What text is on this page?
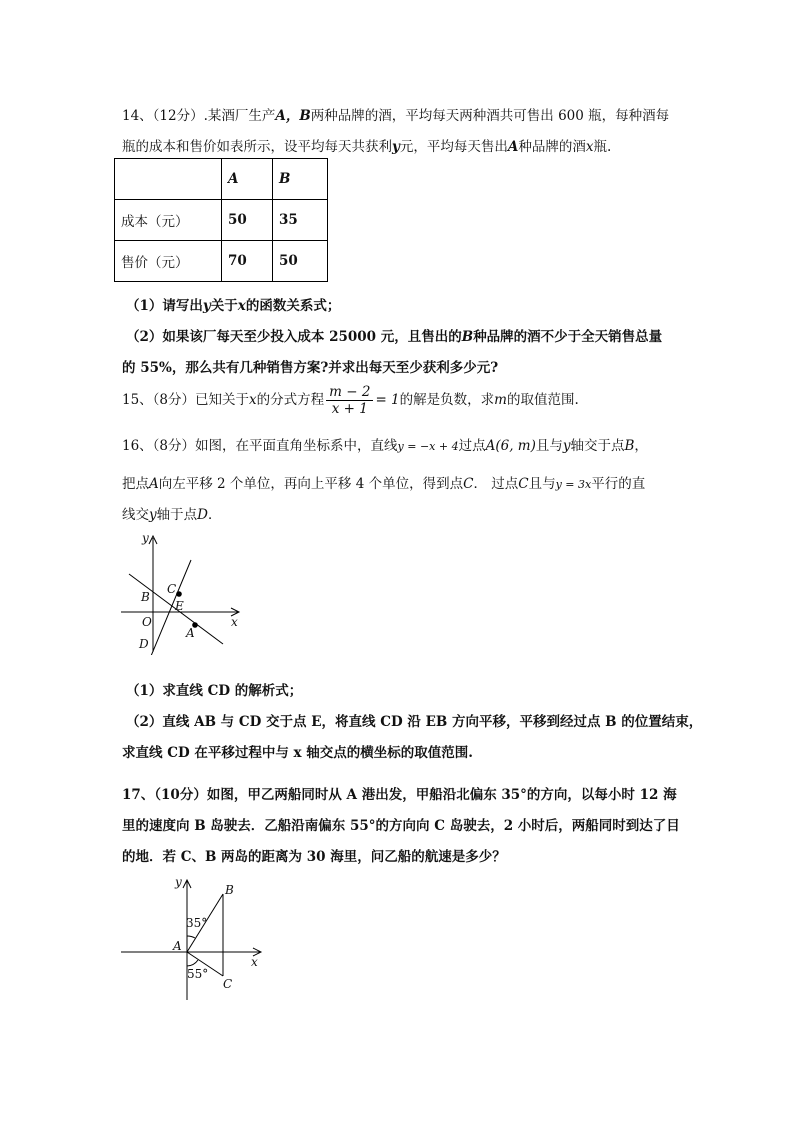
14、（12分）.某酒厂生产A，B两种品牌的酒，平均每天两种酒共可售出 600 瓶，每种酒每
瓶的成本和售价如表所示，设平均每天共获利y元，平均每天售出A种品牌的酒x瓶.
	A	B
成本（元）	50	35
售价（元）	70	50
（1）请写出y关于x的函数关系式；
（2）如果该厂每天至少投入成本 25000 元，且售出的B种品牌的酒不少于全天销售总量
的 55%，那么共有几种销售方案?并求出每天至少获利多少元?
15、（8分）已知关于x的分式方程 $\frac{m - 2}{x + 1} = 1$的解是负数，求m的取值范围.
16、（8分）如图，在平面直角坐标系中，直线y = −x + 4过点A(6, m)且与y轴交于点B，
把点A向左平移 2 个单位，再向上平移 4 个单位，得到点C． 过点C且与y = 3x平行的直
线交y轴于点D．
y
x
B
C
E
O
A
D
（1）求直线 CD 的解析式；
（2）直线 AB 与 CD 交于点 E，将直线 CD 沿 EB 方向平移，平移到经过点 B 的位置结束，
求直线 CD 在平移过程中与 x 轴交点的横坐标的取值范围.
17、（10分）如图，甲乙两船同时从 A 港出发，甲船沿北偏东 35°的方向，以每小时 12 海
里的速度向 B 岛驶去．乙船沿南偏东 55°的方向向 C 岛驶去，2 小时后，两船同时到达了目
的地．若 C、B 两岛的距离为 30 海里，问乙船的航速是多少？
y
x
B
A
C
35°
55°
